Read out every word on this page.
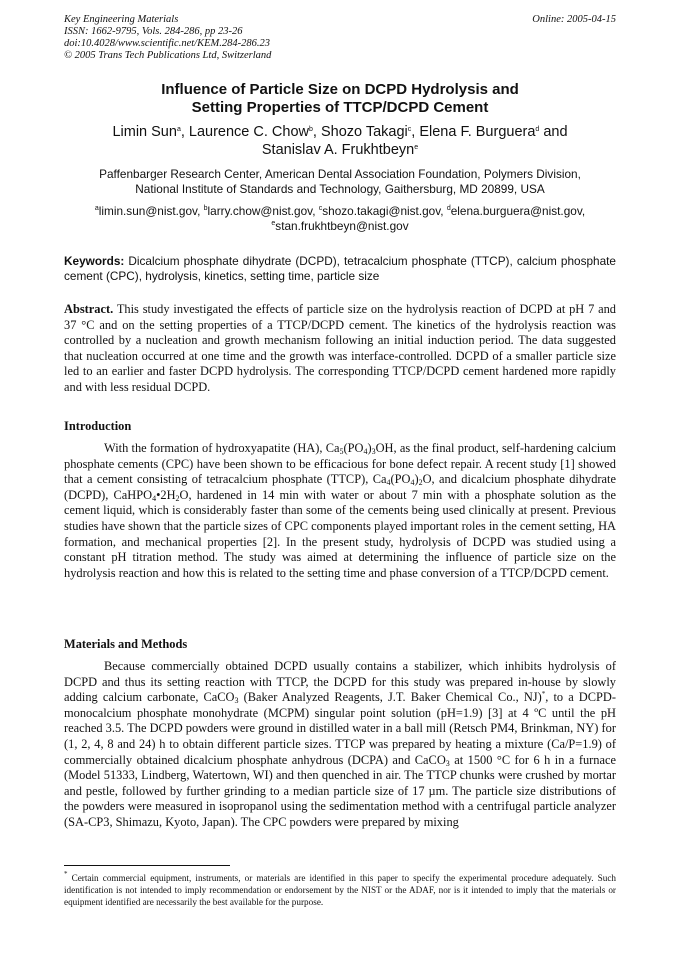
Key Engineering Materials
ISSN: 1662-9795, Vols. 284-286, pp 23-26
doi:10.4028/www.scientific.net/KEM.284-286.23
© 2005 Trans Tech Publications Ltd, Switzerland
Online: 2005-04-15
Influence of Particle Size on DCPD Hydrolysis and
Setting Properties of TTCP/DCPD Cement
Limin Sun$^a$, Laurence C. Chow$^b$, Shozo Takagi$^c$, Elena F. Burguera$^d$ and
Stanislav A. Frukhtbeyn$^e$
Paffenbarger Research Center, American Dental Association Foundation, Polymers Division,
National Institute of Standards and Technology, Gaithersburg, MD 20899, USA
$^a$limin.sun@nist.gov, $^b$larry.chow@nist.gov, $^c$shozo.takagi@nist.gov, $^d$elena.burguera@nist.gov,
$^e$stan.frukhtbeyn@nist.gov
Keywords: Dicalcium phosphate dihydrate (DCPD), tetracalcium phosphate (TTCP), calcium phosphate cement (CPC), hydrolysis, kinetics, setting time, particle size
Abstract. This study investigated the effects of particle size on the hydrolysis reaction of DCPD at pH 7 and 37 °C and on the setting properties of a TTCP/DCPD cement. The kinetics of the hydrolysis reaction was controlled by a nucleation and growth mechanism following an initial induction period. The data suggested that nucleation occurred at one time and the growth was interface-controlled. DCPD of a smaller particle size led to an earlier and faster DCPD hydrolysis. The corresponding TTCP/DCPD cement hardened more rapidly and with less residual DCPD.
Introduction
With the formation of hydroxyapatite (HA), $Ca_5(PO_4)_3OH$, as the final product, self-hardening calcium phosphate cements (CPC) have been shown to be efficacious for bone defect repair. A recent study [1] showed that a cement consisting of tetracalcium phosphate (TTCP), $Ca_4(PO_4)_2O$, and dicalcium phosphate dihydrate (DCPD), $CaHPO_4•2H_2O$, hardened in 14 min with water or about 7 min with a phosphate solution as the cement liquid, which is considerably faster than some of the cements being used clinically at present. Previous studies have shown that the particle sizes of CPC components played important roles in the cement setting, HA formation, and mechanical properties [2]. In the present study, hydrolysis of DCPD was studied using a constant pH titration method. The study was aimed at determining the influence of particle size on the hydrolysis reaction and how this is related to the setting time and phase conversion of a TTCP/DCPD cement.
Materials and Methods
Because commercially obtained DCPD usually contains a stabilizer, which inhibits hydrolysis of DCPD and thus its setting reaction with TTCP, the DCPD for this study was prepared in-house by slowly adding calcium carbonate, CaCO$_3$ (Baker Analyzed Reagents, J.T. Baker Chemical Co., NJ)*, to a DCPD-monocalcium phosphate monohydrate (MCPM) singular point solution (pH=1.9) [3] at 4 ºC until the pH reached 3.5. The DCPD powders were ground in distilled water in a ball mill (Retsch PM4, Brinkman, NY) for (1, 2, 4, 8 and 24) h to obtain different particle sizes. TTCP was prepared by heating a mixture (Ca/P=1.9) of commercially obtained dicalcium phosphate anhydrous (DCPA) and CaCO$_3$ at 1500 °C for 6 h in a furnace (Model 51333, Lindberg, Watertown, WI) and then quenched in air. The TTCP chunks were crushed by mortar and pestle, followed by further grinding to a median particle size of 17 µm. The particle size distributions of the powders were measured in isopropanol using the sedimentation method with a centrifugal particle analyzer (SA-CP3, Shimazu, Kyoto, Japan). The CPC powders were prepared by mixing
* Certain commercial equipment, instruments, or materials are identified in this paper to specify the experimental procedure adequately. Such identification is not intended to imply recommendation or endorsement by the NIST or the ADAF, nor is it intended to imply that the materials or equipment identified are necessarily the best available for the purpose.
